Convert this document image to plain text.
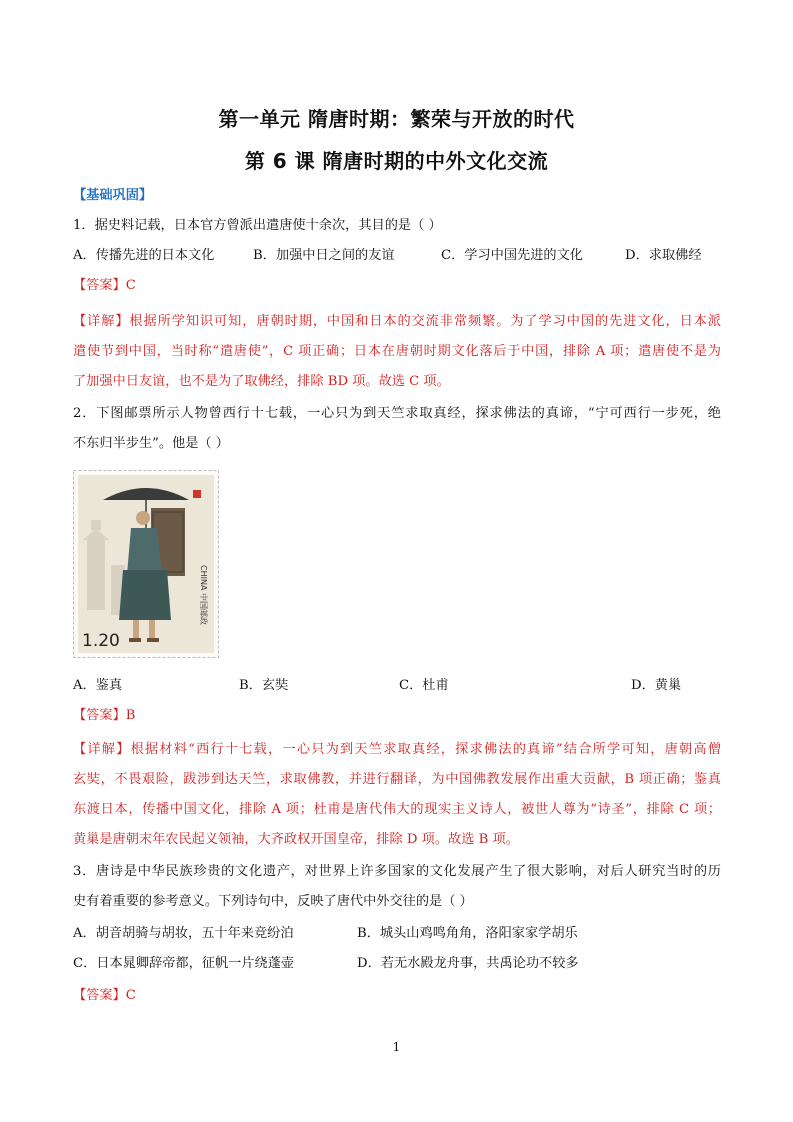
第一单元 隋唐时期：繁荣与开放的时代
第 6 课 隋唐时期的中外文化交流
【基础巩固】
1．据史料记载，日本官方曾派出遣唐使十余次，其目的是（ ）
A．传播先进的日本文化	B．加强中日之间的友谊	C．学习中国先进的文化	D．求取佛经
【答案】C
【详解】根据所学知识可知，唐朝时期，中国和日本的交流非常频繁。为了学习中国的先进文化，日本派
遣使节到中国，当时称“遣唐使”，C 项正确；日本在唐朝时期文化落后于中国，排除 A 项；遣唐使不是为
了加强中日友谊，也不是为了取佛经，排除 BD 项。故选 C 项。
2．下图邮票所示人物曾西行十七载，一心只为到天竺求取真经，探求佛法的真谛，“宁可西行一步死，绝
不东归半步生”。他是（ ）
CHINA 中国邮政
1.20
A．鉴真	B．玄奘	C．杜甫	D．黄巢
【答案】B
【详解】根据材料“西行十七载，一心只为到天竺求取真经，探求佛法的真谛”结合所学可知，唐朝高僧
玄奘，不畏艰险，跋涉到达天竺，求取佛教，并进行翻译，为中国佛教发展作出重大贡献，B 项正确；鉴真
东渡日本，传播中国文化，排除 A 项；杜甫是唐代伟大的现实主义诗人，被世人尊为“诗圣”，排除 C 项；
黄巢是唐朝末年农民起义领袖，大齐政权开国皇帝，排除 D 项。故选 B 项。
3．唐诗是中华民族珍贵的文化遗产，对世界上许多国家的文化发展产生了很大影响，对后人研究当时的历
史有着重要的参考意义。下列诗句中，反映了唐代中外交往的是（ ）
A．胡音胡骑与胡妆，五十年来竞纷泊	B．城头山鸡鸣角角，洛阳家家学胡乐
C．日本晁卿辞帝都，征帆一片绕蓬壶	D．若无水殿龙舟事，共禹论功不较多
【答案】C
1
